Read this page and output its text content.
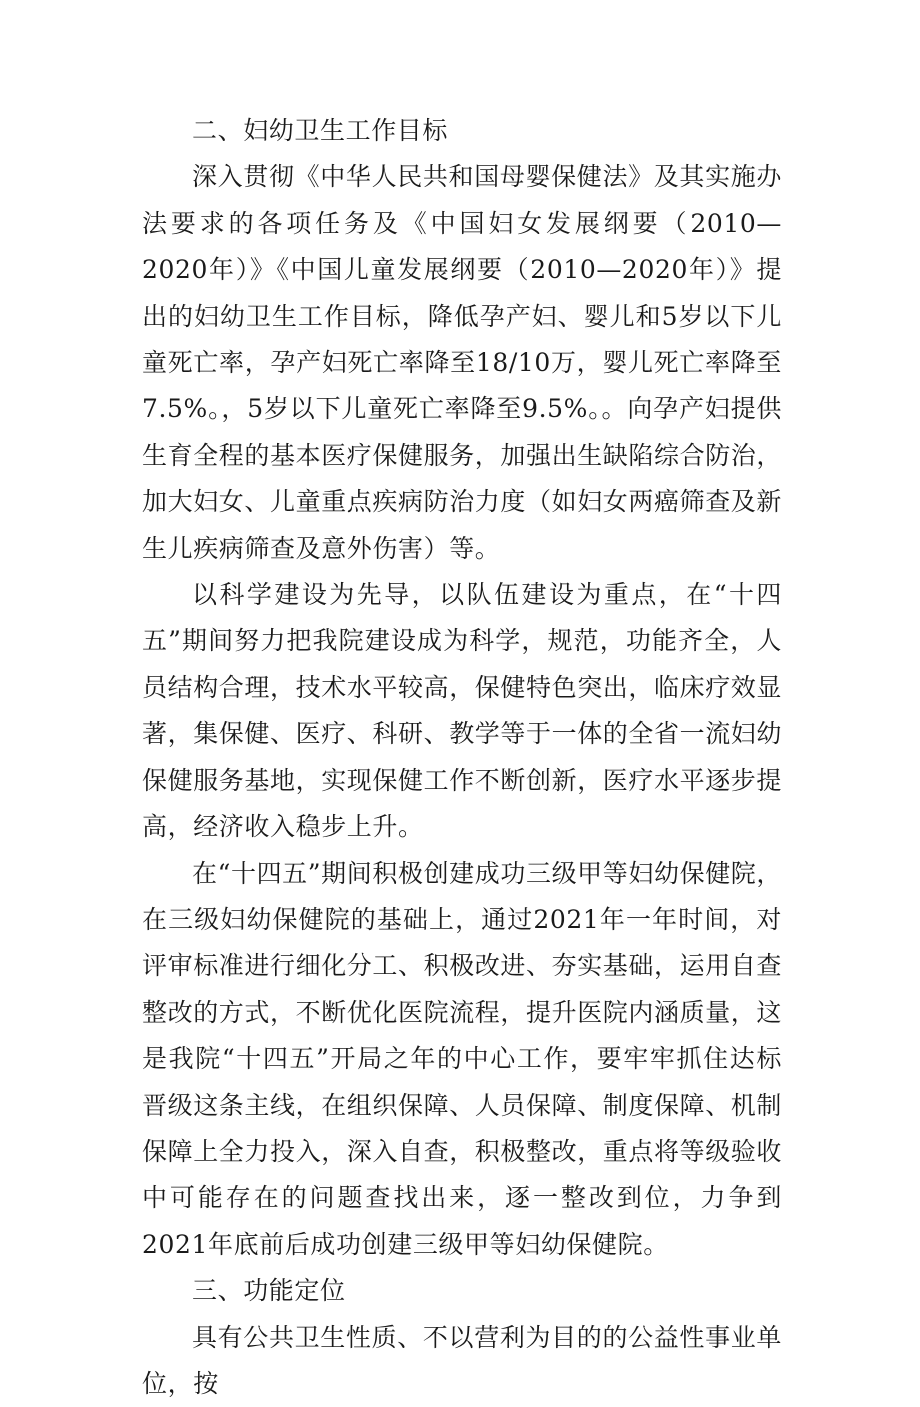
二、妇幼卫生工作目标

深入贯彻《中华人民共和国母婴保健法》及其实施办法要求的各项任务及《中国妇女发展纲要（2010—2020年）》《中国儿童发展纲要（2010—2020年）》提出的妇幼卫生工作目标，降低孕产妇、婴儿和5岁以下儿童死亡率，孕产妇死亡率降至18/10万，婴儿死亡率降至7.5%。，5岁以下儿童死亡率降至9.5%。。向孕产妇提供生育全程的基本医疗保健服务，加强出生缺陷综合防治，加大妇女、儿童重点疾病防治力度（如妇女两癌筛查及新生儿疾病筛查及意外伤害）等。

以科学建设为先导，以队伍建设为重点，在“十四五”期间努力把我院建设成为科学，规范，功能齐全，人员结构合理，技术水平较高，保健特色突出，临床疗效显著，集保健、医疗、科研、教学等于一体的全省一流妇幼保健服务基地，实现保健工作不断创新，医疗水平逐步提高，经济收入稳步上升。

在“十四五”期间积极创建成功三级甲等妇幼保健院，在三级妇幼保健院的基础上，通过2021年一年时间，对评审标准进行细化分工、积极改进、夯实基础，运用自查整改的方式，不断优化医院流程，提升医院内涵质量，这是我院“十四五”开局之年的中心工作，要牢牢抓住达标晋级这条主线，在组织保障、人员保障、制度保障、机制保障上全力投入，深入自查，积极整改，重点将等级验收中可能存在的问题查找出来，逐一整改到位，力争到2021年底前后成功创建三级甲等妇幼保健院。

三、功能定位

具有公共卫生性质、不以营利为目的的公益性事业单位，按
